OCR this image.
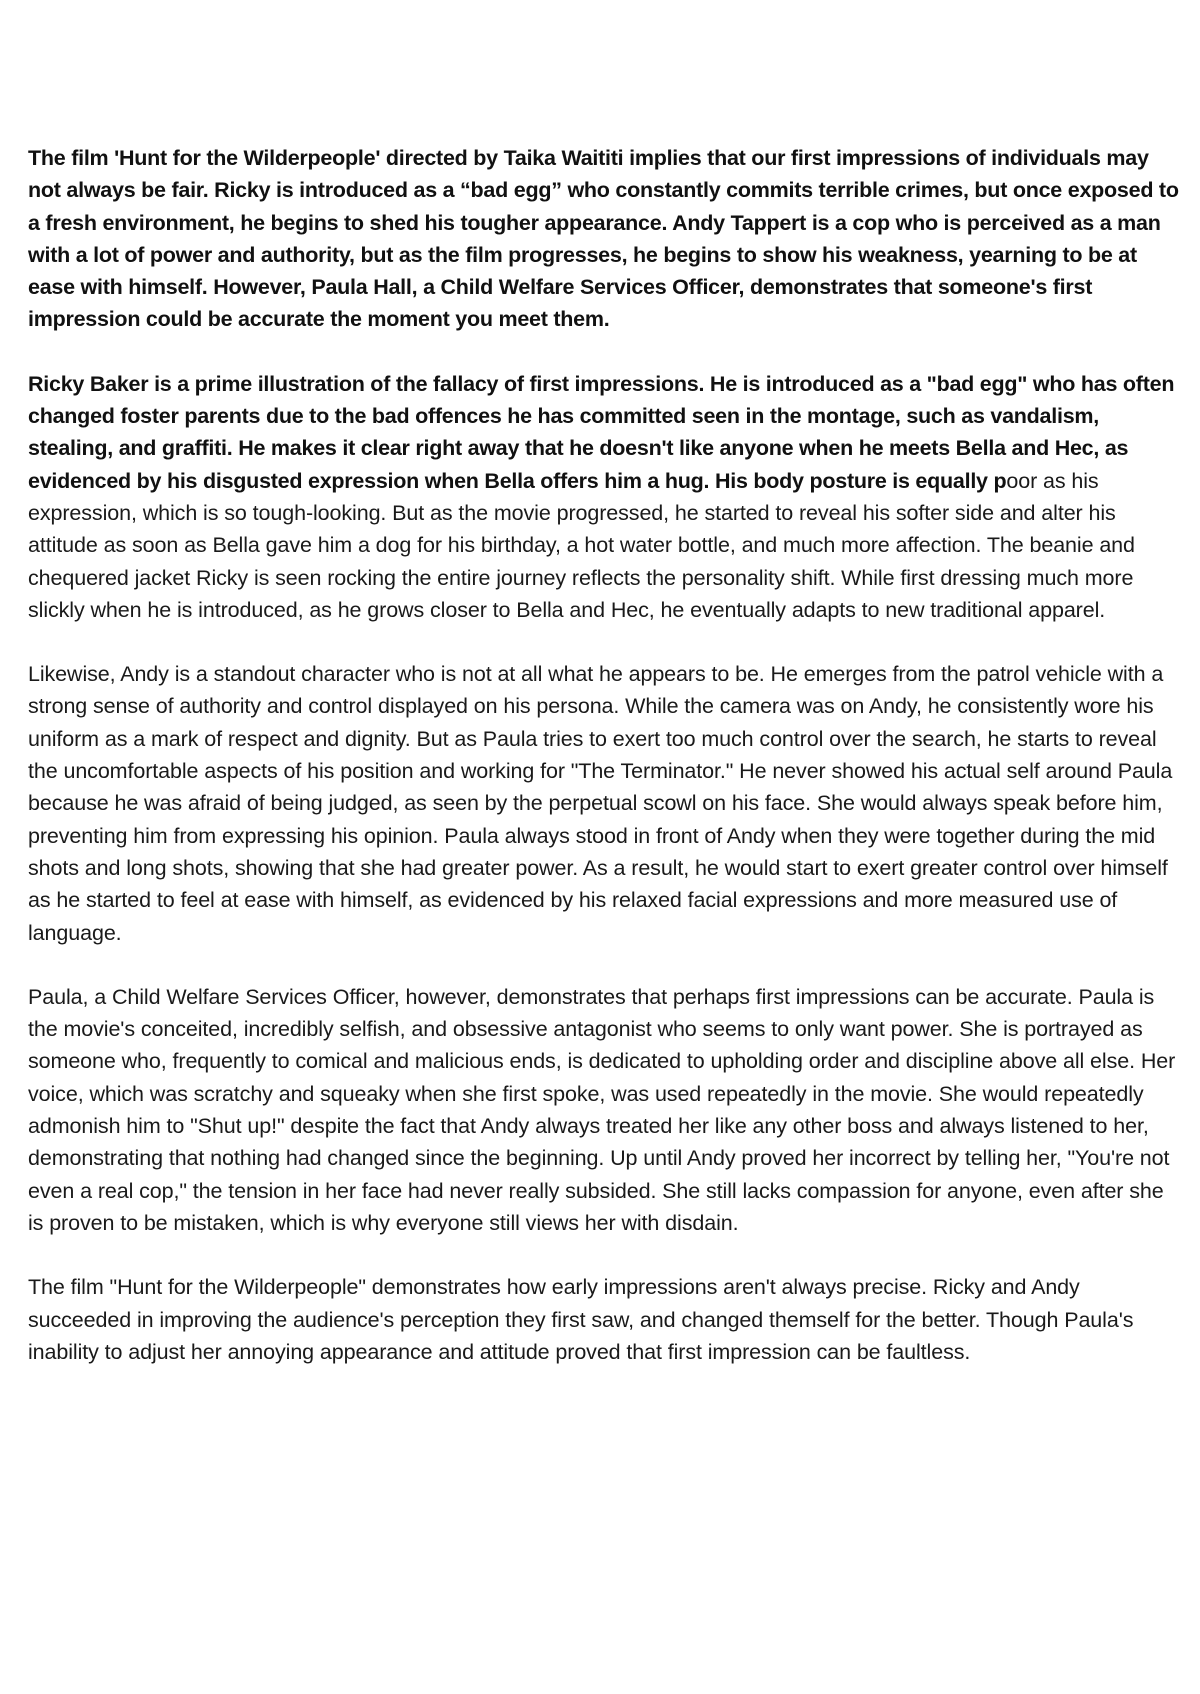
The film 'Hunt for the Wilderpeople' directed by Taika Waititi implies that our first impressions of individuals may not always be fair. Ricky is introduced as a “bad egg” who constantly commits terrible crimes, but once exposed to a fresh environment, he begins to shed his tougher appearance. Andy Tappert is a cop who is perceived as a man with a lot of power and authority, but as the film progresses, he begins to show his weakness, yearning to be at ease with himself. However, Paula Hall, a Child Welfare Services Officer, demonstrates that someone's first impression could be accurate the moment you meet them.

Ricky Baker is a prime illustration of the fallacy of first impressions. He is introduced as a "bad egg" who has often changed foster parents due to the bad offences he has committed seen in the montage, such as vandalism, stealing, and graffiti. He makes it clear right away that he doesn't like anyone when he meets Bella and Hec, as evidenced by his disgusted expression when Bella offers him a hug. His body posture is equally poor as his expression, which is so tough-looking. But as the movie progressed, he started to reveal his softer side and alter his attitude as soon as Bella gave him a dog for his birthday, a hot water bottle, and much more affection. The beanie and chequered jacket Ricky is seen rocking the entire journey reflects the personality shift. While first dressing much more slickly when he is introduced, as he grows closer to Bella and Hec, he eventually adapts to new traditional apparel.

Likewise, Andy is a standout character who is not at all what he appears to be. He emerges from the patrol vehicle with a strong sense of authority and control displayed on his persona. While the camera was on Andy, he consistently wore his uniform as a mark of respect and dignity. But as Paula tries to exert too much control over the search, he starts to reveal the uncomfortable aspects of his position and working for "The Terminator." He never showed his actual self around Paula because he was afraid of being judged, as seen by the perpetual scowl on his face. She would always speak before him, preventing him from expressing his opinion. Paula always stood in front of Andy when they were together during the mid shots and long shots, showing that she had greater power. As a result, he would start to exert greater control over himself as he started to feel at ease with himself, as evidenced by his relaxed facial expressions and more measured use of language.

Paula, a Child Welfare Services Officer, however, demonstrates that perhaps first impressions can be accurate. Paula is the movie's conceited, incredibly selfish, and obsessive antagonist who seems to only want power. She is portrayed as someone who, frequently to comical and malicious ends, is dedicated to upholding order and discipline above all else. Her voice, which was scratchy and squeaky when she first spoke, was used repeatedly in the movie. She would repeatedly admonish him to "Shut up!" despite the fact that Andy always treated her like any other boss and always listened to her, demonstrating that nothing had changed since the beginning. Up until Andy proved her incorrect by telling her, "You're not even a real cop," the tension in her face had never really subsided. She still lacks compassion for anyone, even after she is proven to be mistaken, which is why everyone still views her with disdain.

The film "Hunt for the Wilderpeople" demonstrates how early impressions aren't always precise. Ricky and Andy succeeded in improving the audience's perception they first saw, and changed themself for the better. Though Paula's inability to adjust her annoying appearance and attitude proved that first impression can be faultless.
